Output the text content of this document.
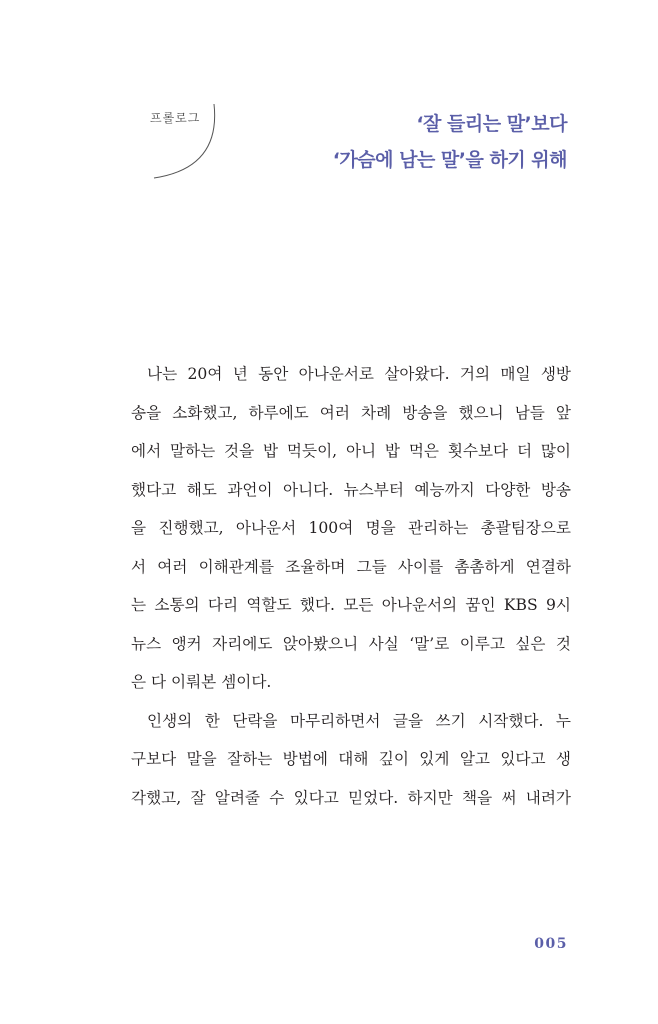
프롤로그	‘잘 들리는 말’보다
‘가슴에 남는 말’을 하기 위해
나는 20여 년 동안 아나운서로 살아왔다. 거의 매일 생방
송을 소화했고, 하루에도 여러 차례 방송을 했으니 남들 앞
에서 말하는 것을 밥 먹듯이, 아니 밥 먹은 횟수보다 더 많이
했다고 해도 과언이 아니다. 뉴스부터 예능까지 다양한 방송
을 진행했고, 아나운서 100여 명을 관리하는 총괄팀장으로
서 여러 이해관계를 조율하며 그들 사이를 촘촘하게 연결하
는 소통의 다리 역할도 했다. 모든 아나운서의 꿈인 KBS 9시
뉴스 앵커 자리에도 앉아봤으니 사실 ‘말’로 이루고 싶은 것
은 다 이뤄본 셈이다.
인생의 한 단락을 마무리하면서 글을 쓰기 시작했다. 누
구보다 말을 잘하는 방법에 대해 깊이 있게 알고 있다고 생
각했고, 잘 알려줄 수 있다고 믿었다. 하지만 책을 써 내려가
005
